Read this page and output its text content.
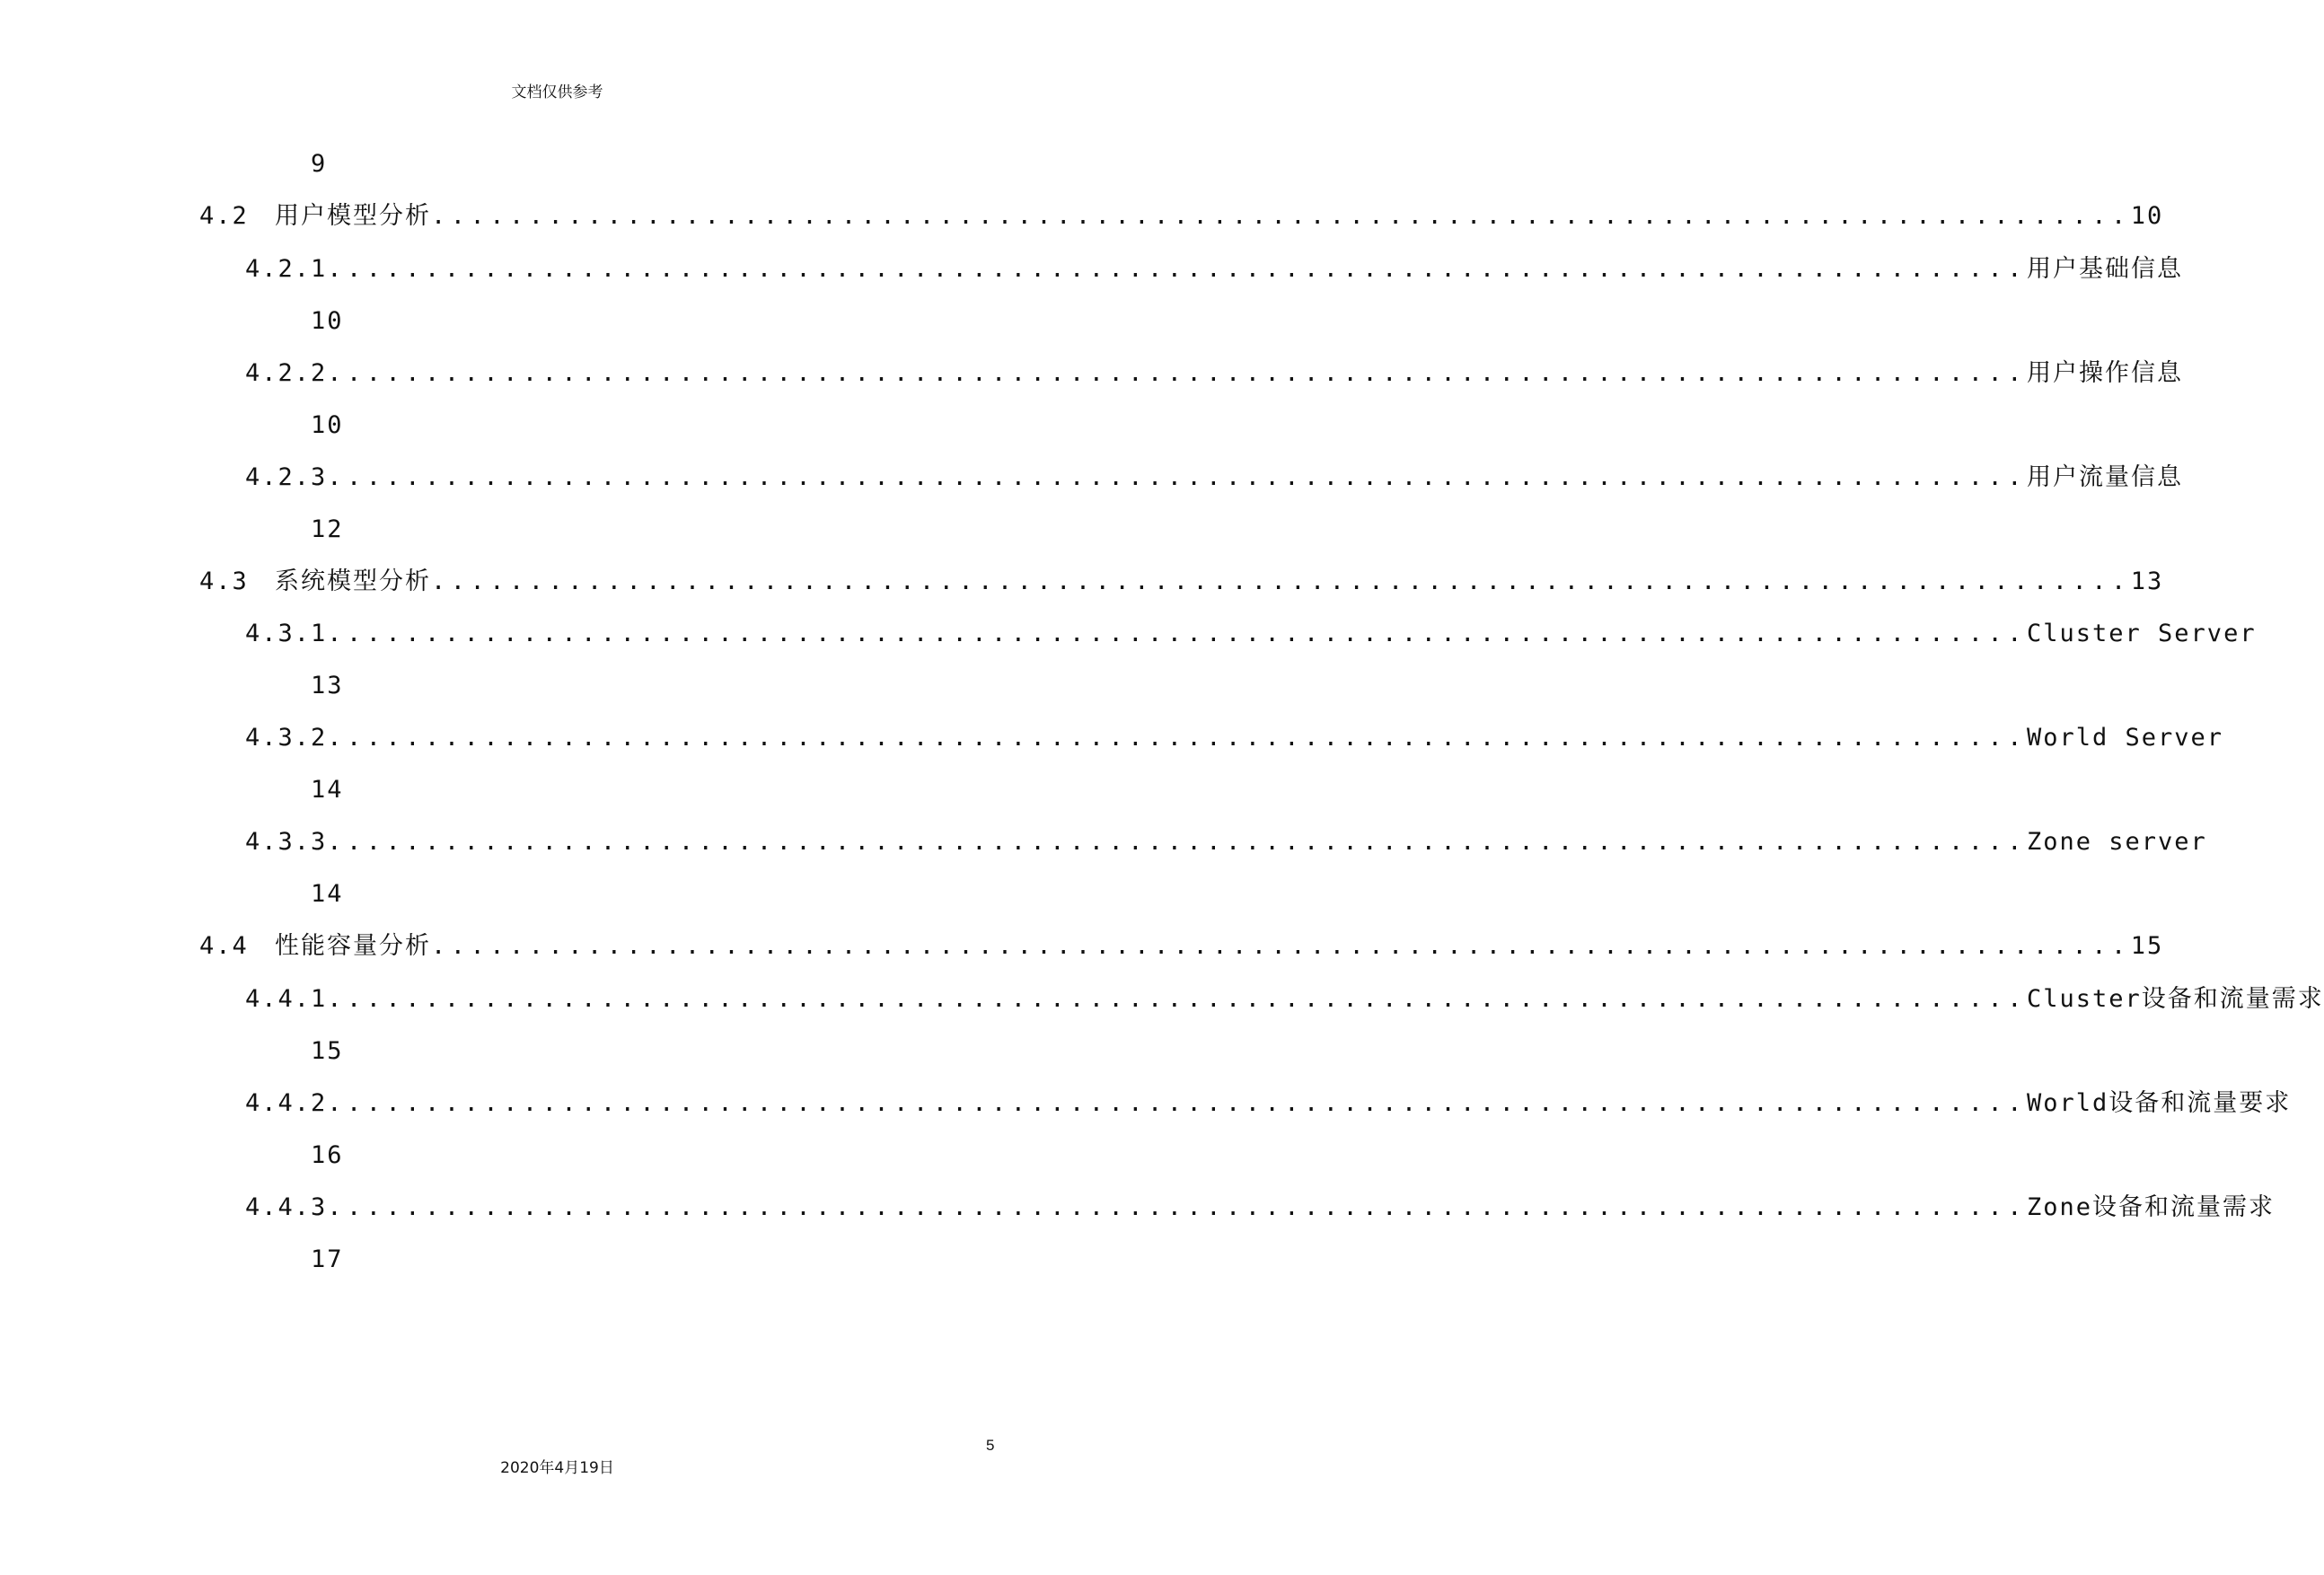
文档仅供参考
9
4.2	用户模型分析 ....................................................................................... 10
4.2.1 ....................................................................................... 用户基础信息
10
4.2.2 ....................................................................................... 用户操作信息
10
4.2.3 ....................................................................................... 用户流量信息
12
4.3	系统模型分析 ....................................................................................... 13
4.3.1 ....................................................................................... Cluster Server
13
4.3.2 ....................................................................................... World Server
14
4.3.3 ....................................................................................... Zone server
14
4.4	性能容量分析 ....................................................................................... 15
4.4.1 ....................................................................................... Cluster设备和流量需求
15
4.4.2 ....................................................................................... World设备和流量要求
16
4.4.3 ....................................................................................... Zone设备和流量需求
17
5
2020年4月19日
